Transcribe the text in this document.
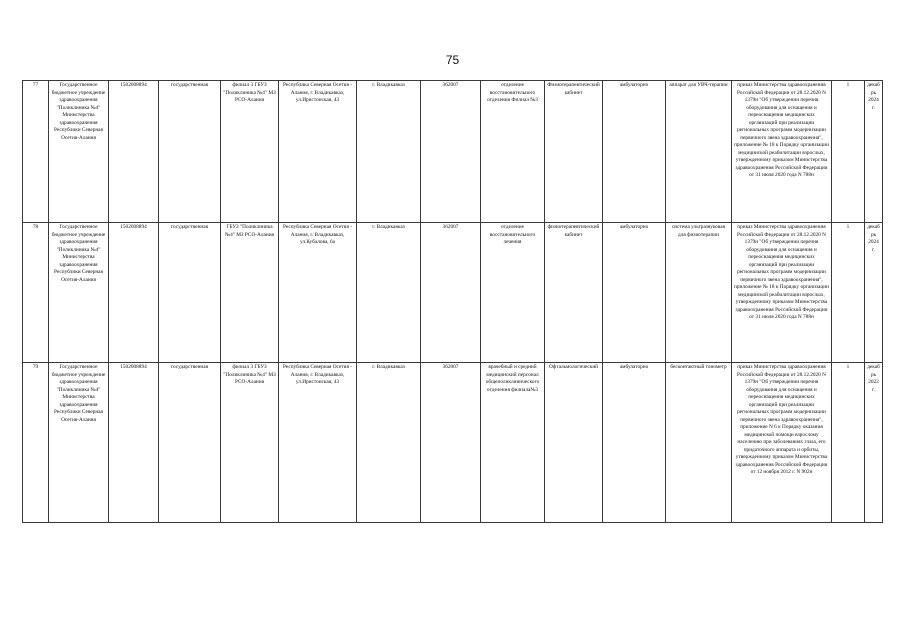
75
77	Государственное бюджетное учреждение здравоохранения "Поликлиника №4" Министерства здравоохранения Республики Северная Осетия-Алания	1502008894	государственная	филиал 3 ГБУЗ "Поликлиника №4" МЗ РСО-Алания	Республика Северная Осетия - Алания, г. Владикавказ, ул.Иристонская, 43	г. Владикавказ	362007	отделение восстановительного отделения Филиал №3	Физиотерапевтический кабинет	амбулаторно	аппарат для УВЧ-терапии	приказ Министерства здравоохранения Российской Федерации от 28.12.2020 N 1379н "Об утверждении перечня оборудования для оснащения и переоснащения медицинских организаций при реализации региональных программ модернизации первичного звена здравоохранения", приложение № 18 к Порядку организации медицинской реабилитации взрослых, утвержденному приказом Министерства здравоохранения Российской Федерации от 31 июля 2020 года N 788н	1	декабрь 2024 г.
78	Государственное бюджетное учреждение здравоохранения "Поликлиника №4" Министерства здравоохранения Республики Северная Осетия-Алания	1502008894	государственная	ГБУЗ "Поликлиника №4" МЗ РСО-Алания	Республика Северная Осетия - Алания, г. Владикавказ, ул.Кубалова, 6а	г. Владикавказ	362007	отделение восстановительного лечения	физиотерапевтический кабинет	амбулаторно	система ультразвуковая для физиотерапии	приказ Министерства здравоохранения Российской Федерации от 28.12.2020 N 1379н "Об утверждении перечня оборудования для оснащения и переоснащения медицинских организаций при реализации региональных программ модернизации первичного звена здравоохранения", приложение № 18 к Порядку организации медицинской реабилитации взрослых, утвержденному приказом Министерства здравоохранения Российской Федерации от 31 июля 2020 года N 788н	1	декабрь 2024 г.
79	Государственное бюджетное учреждение здравоохранения "Поликлиника №4" Министерства здравоохранения Республики Северная Осетия-Алания	1502008894	государственная	филиал 3 ГБУЗ "Поликлиника №4" МЗ РСО-Алания	Республика Северная Осетия - Алания, г. Владикавказ, ул.Иристонская, 43	г. Владикавказ	362007	врачебный и средний медицинский персонал общеполиклинического отделения филиала№3	Офтальмологический	амбулаторно	бесконтактный тонометр	приказ Министерства здравоохранения Российской Федерации от 28.12.2020 N 1379н "Об утверждении перечня оборудования для оснащения и переоснащения медицинских организаций при реализации региональных программ модернизации первичного звена здравоохранения", приложение N 6 к Порядку оказания медицинской помощи взрослому населению при заболеваниях глаза, его придаточного аппарата и орбиты, утвержденному приказом Министерства здравоохранения Российской Федерации от 12 ноября 2012 г. N 902н	1	декабрь 2022 г.
